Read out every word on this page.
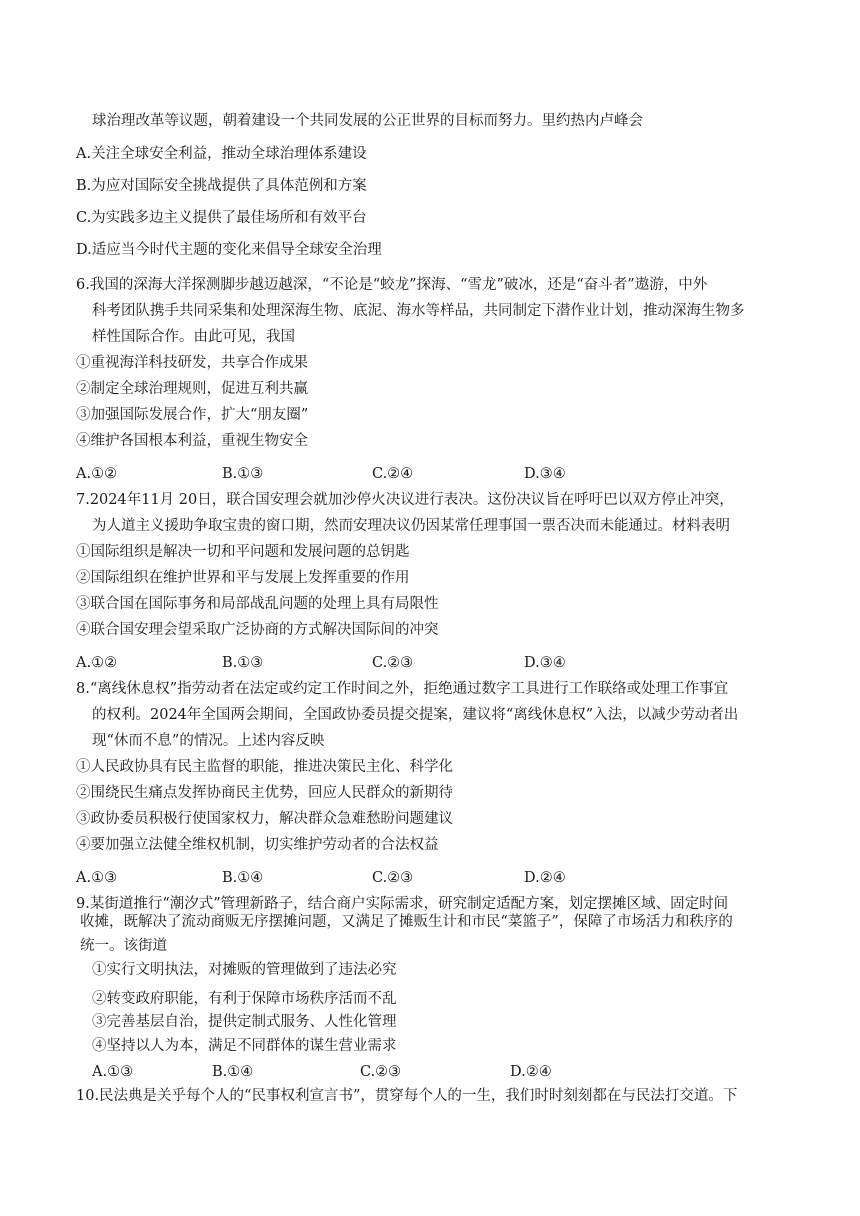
球治理改革等议题，朝着建设一个共同发展的公正世界的目标而努力。里约热内卢峰会
A.关注全球安全利益，推动全球治理体系建设
B.为应对国际安全挑战提供了具体范例和方案
C.为实践多边主义提供了最佳场所和有效平台
D.适应当今时代主题的变化来倡导全球安全治理
6.我国的深海大洋探测脚步越迈越深，“不论是“蛟龙”探海、“雪龙”破冰，还是“奋斗者”遨游，中外
科考团队携手共同采集和处理深海生物、底泥、海水等样品，共同制定下潜作业计划，推动深海生物多
样性国际合作。由此可见，我国
①重视海洋科技研发，共享合作成果
②制定全球治理规则，促进互利共赢
③加强国际发展合作，扩大“朋友圈”
④维护各国根本利益，重视生物安全
A.①②	B.①③	C.②④	D.③④
7.2024年11月 20日，联合国安理会就加沙停火决议进行表决。这份决议旨在呼吁巴以双方停止冲突，
为人道主义援助争取宝贵的窗口期，然而安理决议仍因某常任理事国一票否决而未能通过。材料表明
①国际组织是解决一切和平问题和发展问题的总钥匙
②国际组织在维护世界和平与发展上发挥重要的作用
③联合国在国际事务和局部战乱问题的处理上具有局限性
④联合国安理会望采取广泛协商的方式解决国际间的冲突
A.①②	B.①③	C.②③	D.③④
8.“离线休息权”指劳动者在法定或约定工作时间之外，拒绝通过数字工具进行工作联络或处理工作事宜
的权利。2024年全国两会期间，全国政协委员提交提案，建议将“离线休息权”入法，以减少劳动者出
现“休而不息”的情况。上述内容反映
①人民政协具有民主监督的职能，推进决策民主化、科学化
②围绕民生痛点发挥协商民主优势，回应人民群众的新期待
③政协委员积极行使国家权力，解决群众急难愁盼问题建议
④要加强立法健全维权机制，切实维护劳动者的合法权益
A.①③	B.①④	C.②③	D.②④
9.某街道推行“潮汐式”管理新路子，结合商户实际需求，研究制定适配方案，划定摆摊区域、固定时间
收摊，既解决了流动商贩无序摆摊问题，又满足了摊贩生计和市民“菜篮子”，保障了市场活力和秩序的
统一。该街道
①实行文明执法，对摊贩的管理做到了违法必究
②转变政府职能，有利于保障市场秩序活而不乱
③完善基层自治，提供定制式服务、人性化管理
④坚持以人为本，满足不同群体的谋生营业需求
A.①③	B.①④	C.②③	D.②④
10.民法典是关乎每个人的“民事权利宣言书”，贯穿每个人的一生，我们时时刻刻都在与民法打交道。下
